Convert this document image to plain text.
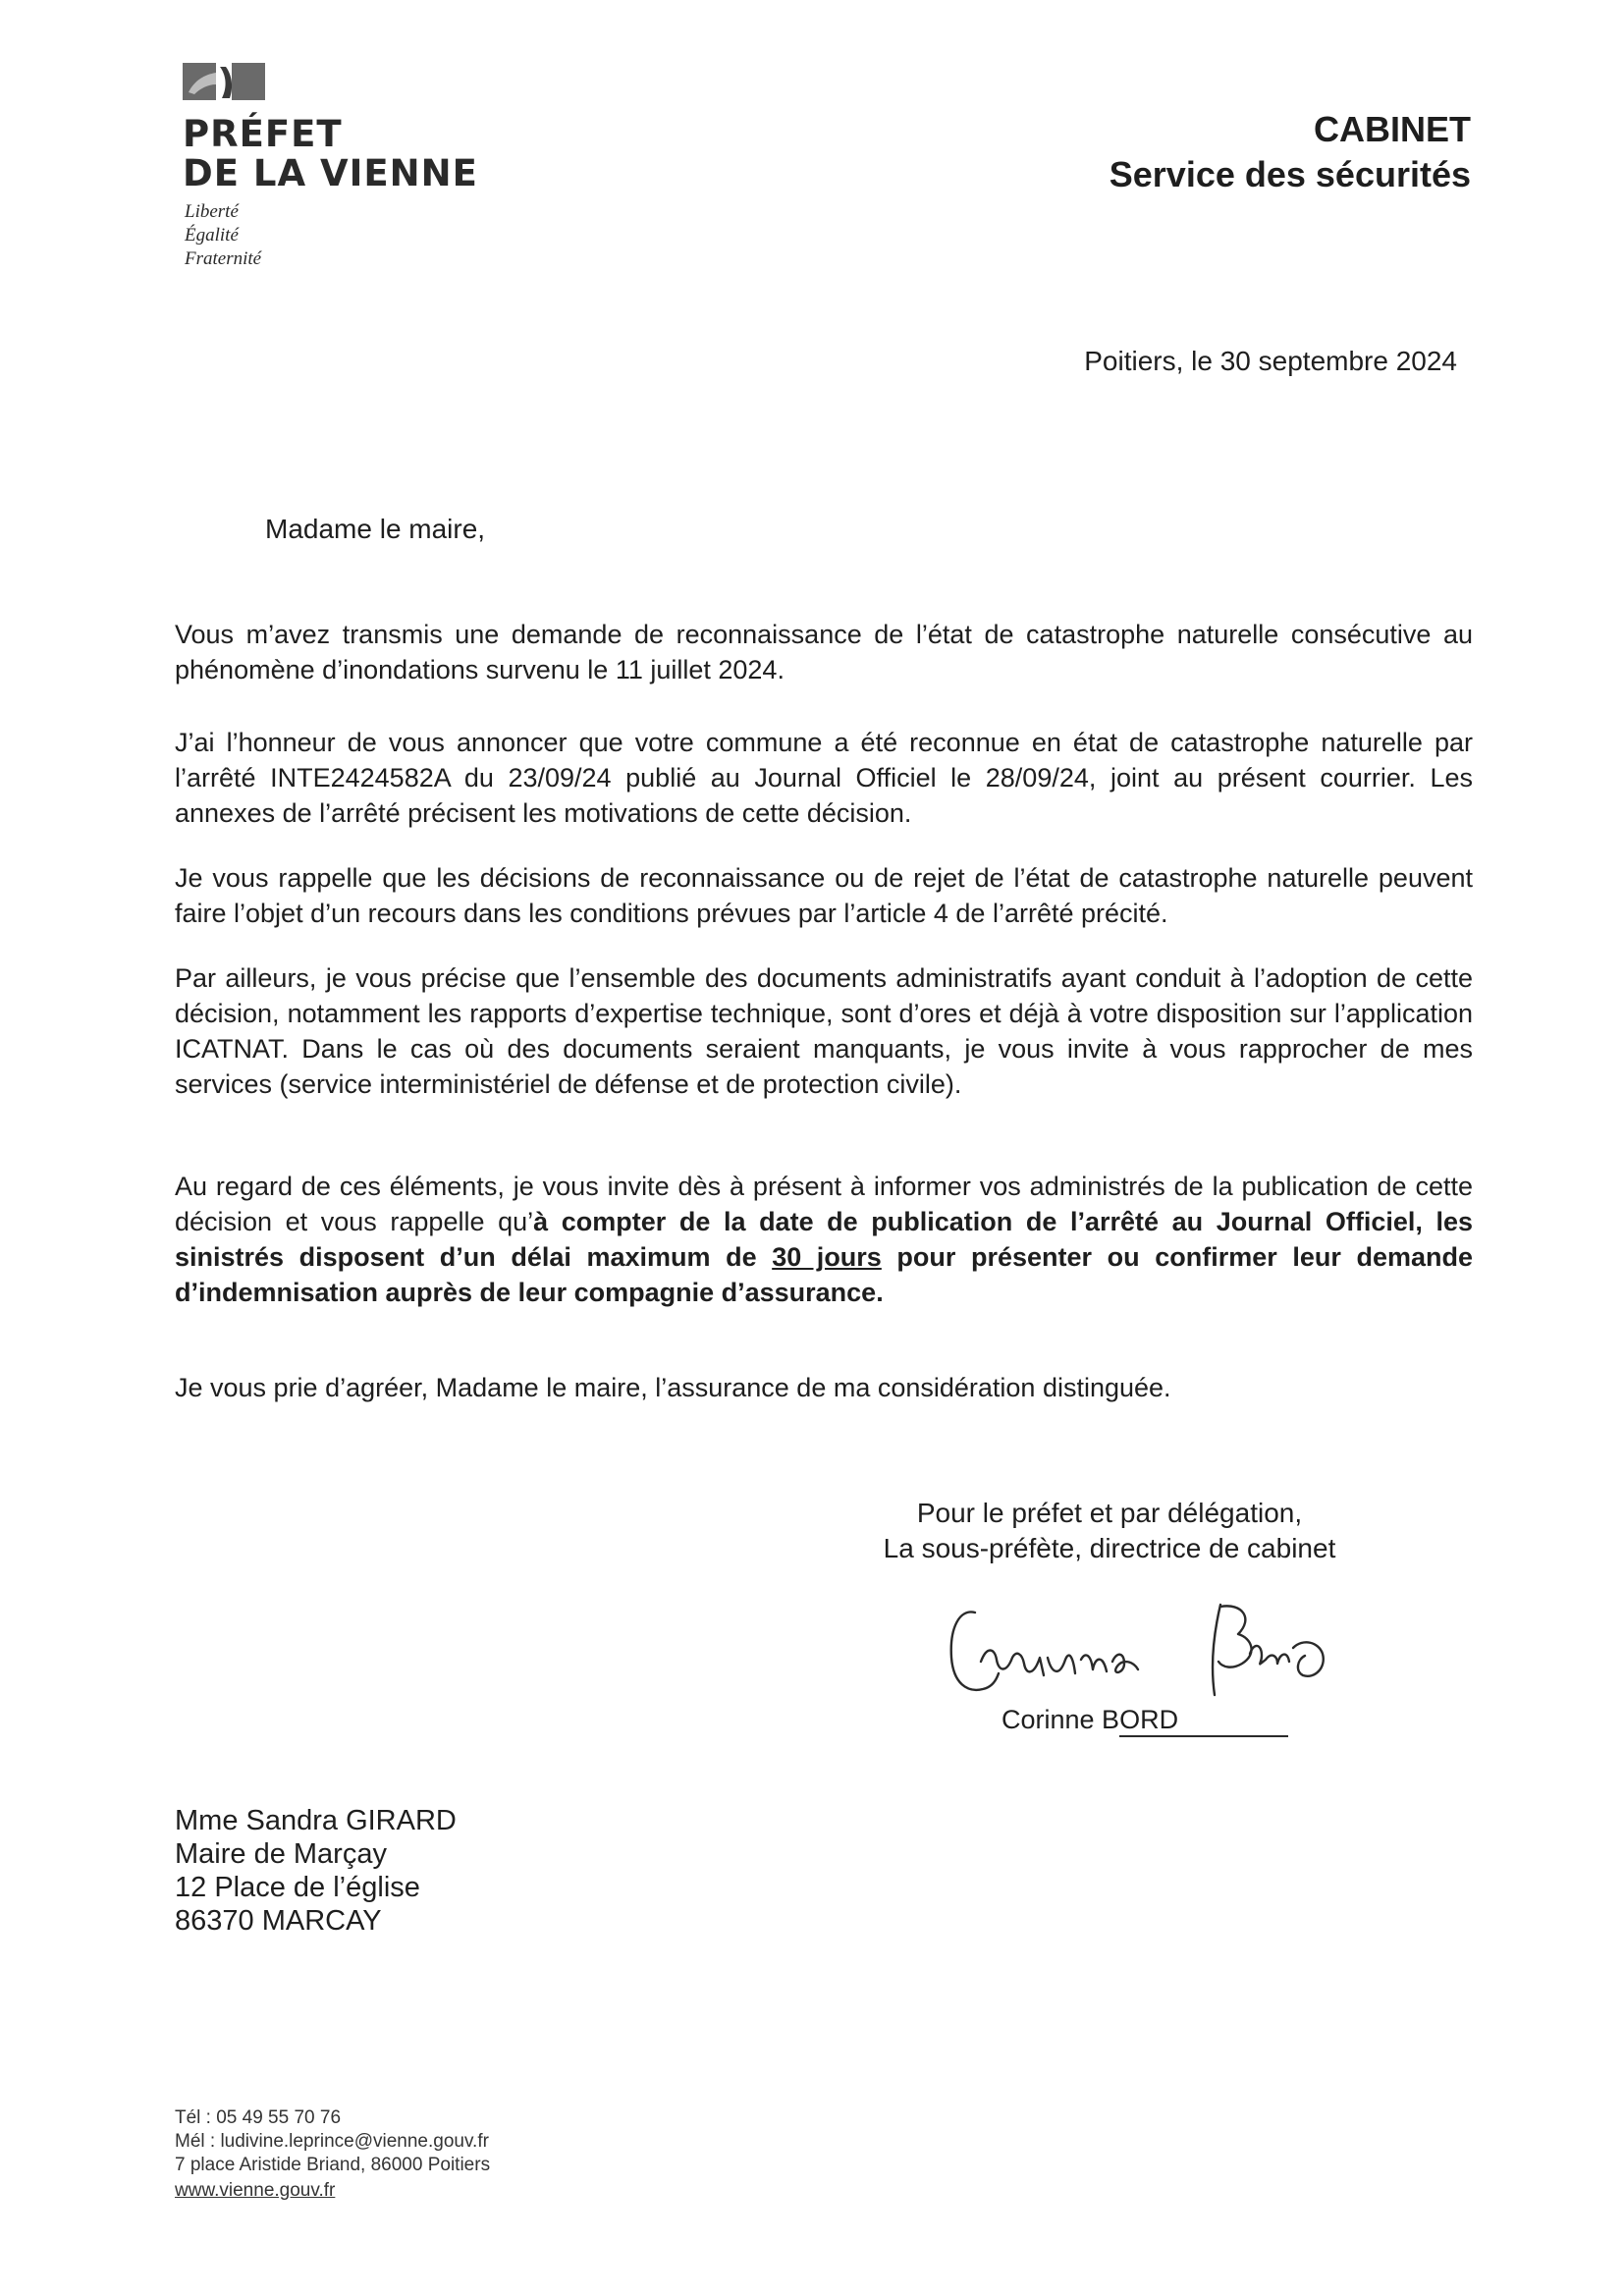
PRÉFET
DE LA VIENNE
Liberté
Égalité
Fraternité
CABINET
Service des sécurités
Poitiers, le 30 septembre 2024
Madame le maire,

Vous m’avez transmis une demande de reconnaissance de l’état de catastrophe naturelle consécutive au phénomène d’inondations survenu le 11 juillet 2024.

J’ai l’honneur de vous annoncer que votre commune a été reconnue en état de catastrophe naturelle par l’arrêté INTE2424582A du 23/09/24 publié au Journal Officiel le 28/09/24, joint au présent courrier. Les annexes de l’arrêté précisent les motivations de cette décision.

Je vous rappelle que les décisions de reconnaissance ou de rejet de l’état de catastrophe naturelle peuvent faire l’objet d’un recours dans les conditions prévues par l’article 4 de l’arrêté précité.

Par ailleurs, je vous précise que l’ensemble des documents administratifs ayant conduit à l’adoption de cette décision, notamment les rapports d’expertise technique, sont d’ores et déjà à votre disposition sur l’application ICATNAT. Dans le cas où des documents seraient manquants, je vous invite à vous rapprocher de mes services (service interministériel de défense et de protection civile).

Au regard de ces éléments, je vous invite dès à présent à informer vos administrés de la publication de cette décision et vous rappelle qu’à compter de la date de publication de l’arrêté au Journal Officiel, les sinistrés disposent d’un délai maximum de 30 jours pour présenter ou confirmer leur demande d’indemnisation auprès de leur compagnie d’assurance.

Je vous prie d’agréer, Madame le maire, l’assurance de ma considération distinguée.
Pour le préfet et par délégation,
La sous-préfète, directrice de cabinet
Corinne BORD
Mme Sandra GIRARD
Maire de Marçay
12 Place de l’église
86370 MARCAY
Tél : 05 49 55 70 76
Mél : ludivine.leprince@vienne.gouv.fr
7 place Aristide Briand, 86000 Poitiers
www.vienne.gouv.fr
